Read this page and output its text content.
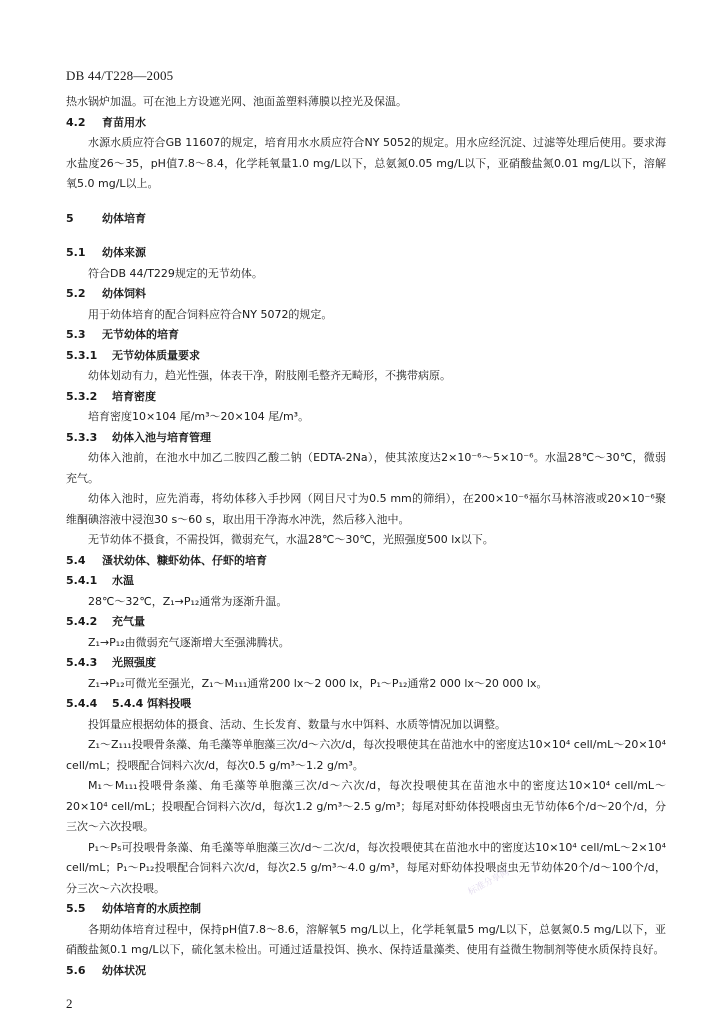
DB 44/T228—2005
热水锅炉加温。可在池上方设遮光网、池面盖塑料薄膜以控光及保温。
4.2 育苗用水
水源水质应符合GB 11607的规定，培育用水水质应符合NY 5052的规定。用水应经沉淀、过滤等处理后使用。要求海水盐度26～35，pH值7.8～8.4，化学耗氧量1.0 mg/L以下，总氨氮0.05 mg/L以下，亚硝酸盐氮0.01 mg/L以下，溶解氧5.0 mg/L以上。
5	幼体培育
5.1 幼体来源
符合DB 44/T229规定的无节幼体。
5.2 幼体饲料
用于幼体培育的配合饲料应符合NY 5072的规定。
5.3 无节幼体的培育
5.3.1 无节幼体质量要求
幼体划动有力，趋光性强，体表干净，附肢刚毛整齐无畸形，不携带病原。
5.3.2 培育密度
培育密度10×104 尾/m³～20×104 尾/m³。
5.3.3 幼体入池与培育管理
幼体入池前，在池水中加乙二胺四乙酸二钠（EDTA-2Na），使其浓度达2×10⁻⁶～5×10⁻⁶。水温28℃～30℃，微弱充气。
幼体入池时，应先消毒，将幼体移入手抄网（网目尺寸为0.5 mm的筛绢），在200×10⁻⁶福尔马林溶液或20×10⁻⁶聚维酮碘溶液中浸泡30 s～60 s，取出用干净海水冲洗，然后移入池中。
无节幼体不摄食，不需投饵，微弱充气，水温28℃～30℃，光照强度500 lx以下。
5.4 溞状幼体、糠虾幼体、仔虾的培育
5.4.1 水温
28℃～32℃，Z₁→P₁₂通常为逐渐升温。
5.4.2 充气量
Z₁→P₁₂由微弱充气逐渐增大至强沸腾状。
5.4.3 光照强度
Z₁→P₁₂可微光至强光，Z₁～M₁₁₁通常200 lx～2 000 lx，P₁～P₁₂通常2 000 lx～20 000 lx。
5.4.4 5.4.4 饵料投喂
投饵量应根据幼体的摄食、活动、生长发育、数量与水中饵料、水质等情况加以调整。
Z₁～Z₁₁₁投喂骨条藻、角毛藻等单胞藻三次/d～六次/d，每次投喂使其在苗池水中的密度达10×10⁴ cell/mL～20×10⁴ cell/mL；投喂配合饲料六次/d，每次0.5 g/m³～1.2 g/m³。
M₁～M₁₁₁投喂骨条藻、角毛藻等单胞藻三次/d～六次/d，每次投喂使其在苗池水中的密度达10×10⁴ cell/mL～20×10⁴ cell/mL；投喂配合饲料六次/d，每次1.2 g/m³～2.5 g/m³；每尾对虾幼体投喂卤虫无节幼体6个/d～20个/d，分三次～六次投喂。
P₁～P₅可投喂骨条藻、角毛藻等单胞藻三次/d～二次/d，每次投喂使其在苗池水中的密度达10×10⁴ cell/mL～2×10⁴ cell/mL；P₁～P₁₂投喂配合饲料六次/d，每次2.5 g/m³～4.0 g/m³，每尾对虾幼体投喂卤虫无节幼体20个/d～100个/d，分三次～六次投喂。
5.5 幼体培育的水质控制
各期幼体培育过程中，保持pH值7.8～8.6，溶解氧5 mg/L以上，化学耗氧量5 mg/L以下，总氨氮0.5 mg/L以下，亚硝酸盐氮0.1 mg/L以下，硫化氢未检出。可通过适量投饵、换水、保持适量藻类、使用有益微生物制剂等使水质保持良好。
5.6 幼体状况
标准分享网
2
